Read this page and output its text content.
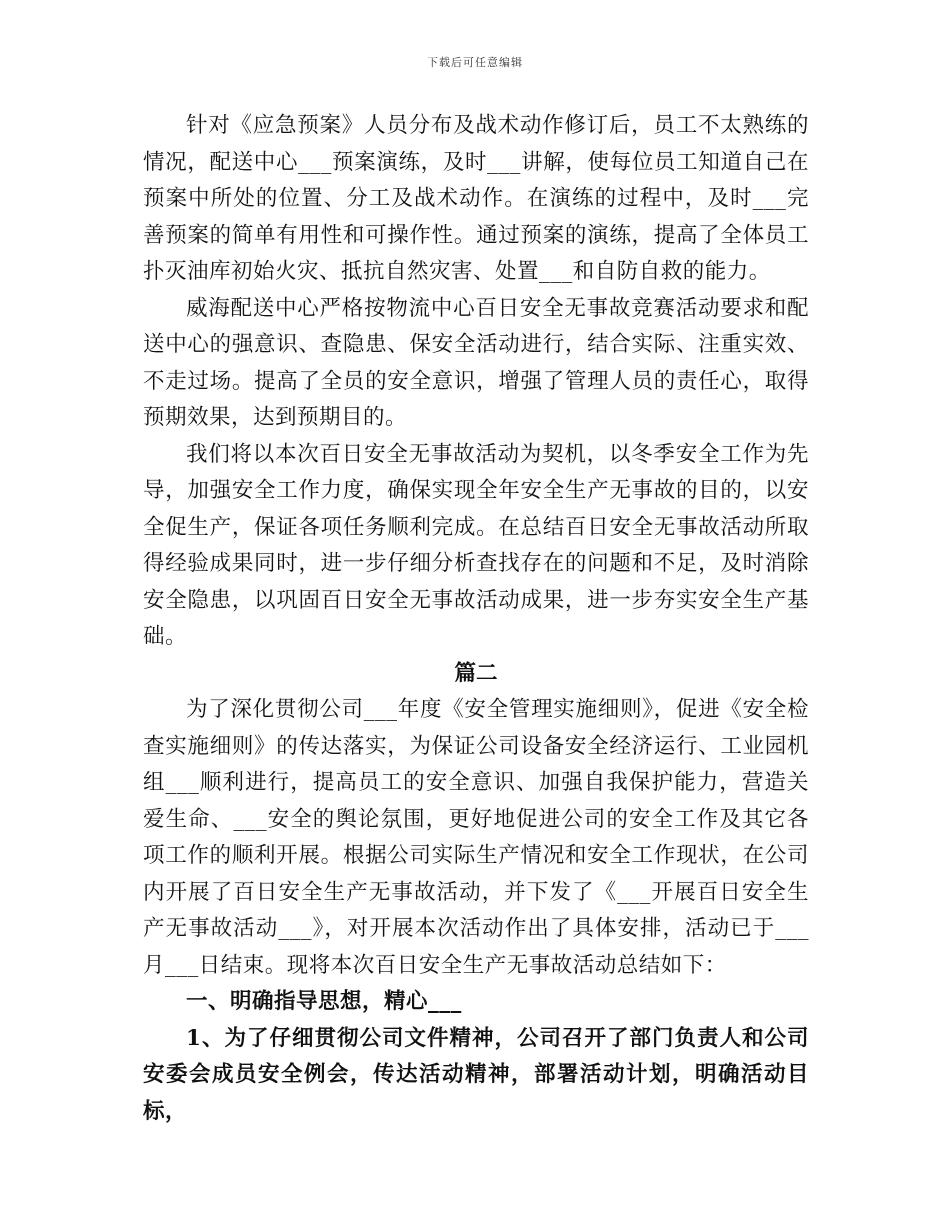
下载后可任意编辑

针对《应急预案》人员分布及战术动作修订后，员工不太熟练的情况，配送中心___预案演练，及时___讲解，使每位员工知道自己在预案中所处的位置、分工及战术动作。在演练的过程中，及时___完善预案的简单有用性和可操作性。通过预案的演练，提高了全体员工扑灭油库初始火灾、抵抗自然灾害、处置___和自防自救的能力。

威海配送中心严格按物流中心百日安全无事故竞赛活动要求和配送中心的强意识、查隐患、保安全活动进行，结合实际、注重实效、不走过场。提高了全员的安全意识，增强了管理人员的责任心，取得预期效果，达到预期目的。

我们将以本次百日安全无事故活动为契机，以冬季安全工作为先导，加强安全工作力度，确保实现全年安全生产无事故的目的，以安全促生产，保证各项任务顺利完成。在总结百日安全无事故活动所取得经验成果同时，进一步仔细分析查找存在的问题和不足，及时消除安全隐患，以巩固百日安全无事故活动成果，进一步夯实安全生产基础。

篇二

为了深化贯彻公司___年度《安全管理实施细则》，促进《安全检查实施细则》的传达落实，为保证公司设备安全经济运行、工业园机组___顺利进行，提高员工的安全意识、加强自我保护能力，营造关爱生命、___安全的舆论氛围，更好地促进公司的安全工作及其它各项工作的顺利开展。根据公司实际生产情况和安全工作现状，在公司内开展了百日安全生产无事故活动，并下发了《___开展百日安全生产无事故活动___》，对开展本次活动作出了具体安排，活动已于___月___日结束。现将本次百日安全生产无事故活动总结如下：

一、明确指导思想，精心___

1、为了仔细贯彻公司文件精神，公司召开了部门负责人和公司安委会成员安全例会，传达活动精神，部署活动计划，明确活动目标，
